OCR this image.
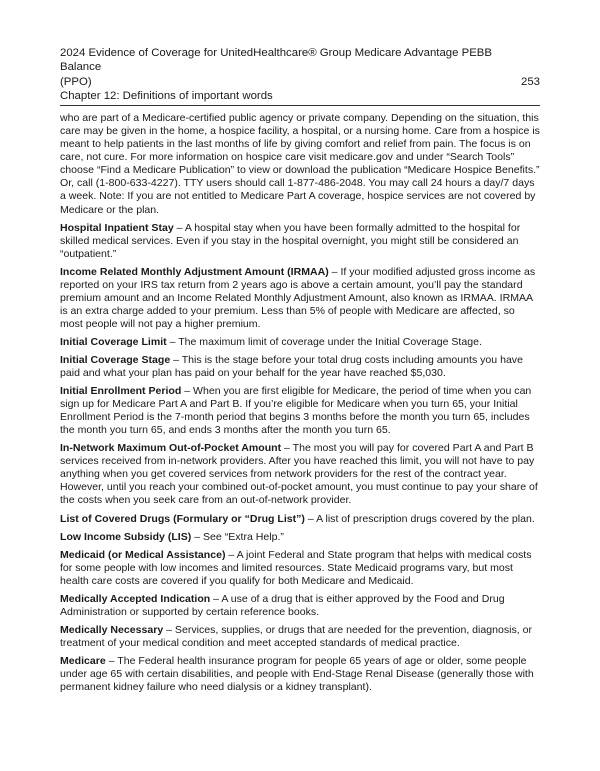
2024 Evidence of Coverage for UnitedHealthcare® Group Medicare Advantage PEBB Balance
(PPO)
Chapter 12: Definitions of important words
253

who are part of a Medicare-certified public agency or private company. Depending on the situation, this care may be given in the home, a hospice facility, a hospital, or a nursing home. Care from a hospice is meant to help patients in the last months of life by giving comfort and relief from pain. The focus is on care, not cure. For more information on hospice care visit medicare.gov and under “Search Tools” choose “Find a Medicare Publication” to view or download the publication “Medicare Hospice Benefits.” Or, call (1-800-633-4227). TTY users should call 1-877-486-2048. You may call 24 hours a day/7 days a week. Note: If you are not entitled to Medicare Part A coverage, hospice services are not covered by Medicare or the plan.

Hospital Inpatient Stay – A hospital stay when you have been formally admitted to the hospital for skilled medical services. Even if you stay in the hospital overnight, you might still be considered an “outpatient.”

Income Related Monthly Adjustment Amount (IRMAA) – If your modified adjusted gross income as reported on your IRS tax return from 2 years ago is above a certain amount, you’ll pay the standard premium amount and an Income Related Monthly Adjustment Amount, also known as IRMAA. IRMAA is an extra charge added to your premium. Less than 5% of people with Medicare are affected, so most people will not pay a higher premium.

Initial Coverage Limit – The maximum limit of coverage under the Initial Coverage Stage.

Initial Coverage Stage – This is the stage before your total drug costs including amounts you have paid and what your plan has paid on your behalf for the year have reached $5,030.

Initial Enrollment Period – When you are first eligible for Medicare, the period of time when you can sign up for Medicare Part A and Part B. If you’re eligible for Medicare when you turn 65, your Initial Enrollment Period is the 7-month period that begins 3 months before the month you turn 65, includes the month you turn 65, and ends 3 months after the month you turn 65.

In-Network Maximum Out-of-Pocket Amount – The most you will pay for covered Part A and Part B services received from in-network providers. After you have reached this limit, you will not have to pay anything when you get covered services from network providers for the rest of the contract year. However, until you reach your combined out-of-pocket amount, you must continue to pay your share of the costs when you seek care from an out-of-network provider.

List of Covered Drugs (Formulary or “Drug List”) – A list of prescription drugs covered by the plan.

Low Income Subsidy (LIS) – See “Extra Help.”

Medicaid (or Medical Assistance) – A joint Federal and State program that helps with medical costs for some people with low incomes and limited resources. State Medicaid programs vary, but most health care costs are covered if you qualify for both Medicare and Medicaid.

Medically Accepted Indication – A use of a drug that is either approved by the Food and Drug Administration or supported by certain reference books.

Medically Necessary – Services, supplies, or drugs that are needed for the prevention, diagnosis, or treatment of your medical condition and meet accepted standards of medical practice.

Medicare – The Federal health insurance program for people 65 years of age or older, some people under age 65 with certain disabilities, and people with End-Stage Renal Disease (generally those with permanent kidney failure who need dialysis or a kidney transplant).
